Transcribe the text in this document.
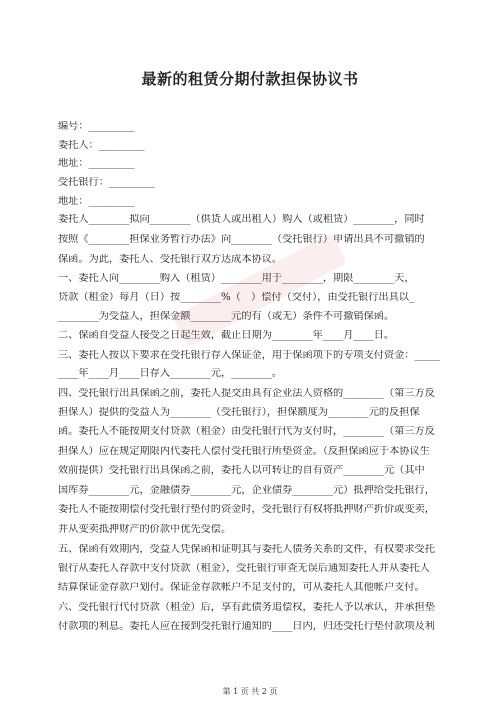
最新的租赁分期付款担保协议书
编号：_________
委托人：_________
地址：_________
受托银行：_________
地址：_________
委托人________拟向________（供货人或出租人）购入（或租赁）________，同时
按照《________担保业务暂行办法》向________（受托银行）申请出具不可撤销的
保函。为此，委托人、受托银行双方达成本协议。
一、委托人向________购入（租赁）________用于________，期限________天，
贷款（租金）每月（日）按________%（　）偿付（交付），由受托银行出具以_
________为受益人，担保金额________元的有（或无）条件不可撤销保函。
二、保函自受益人接受之日起生效，截止日期为________年____月____日。
三、委托人按以下要求在受托银行存入保证金，用于保函项下的专项支付资金：_____
____年____月____日存入________元，________。
四、受托银行出具保函之前，委托人提交由具有企业法人资格的________（第三方反
担保人）提供的受益人为________（受托银行），担保额度为________元的反担保
函。委托人不能按期支付贷款（租金）由受托银行代为支付时，________（第三方反
担保人）应在规定期限内代委托人偿付受托银行所垫资金。（反担保函应于本协议生
效前提供）受托银行出具保函之前，委托人以可转让的自有资产________元（其中
国库券________元，金融债券________元，企业债券________元）抵押给受托银行，
委托人不能按期偿付受托银行垫付的资金时，受托银行有权将抵押财产折价或变卖，
并从变卖抵押财产的价款中优先受偿。
五、保函有效期内，受益人凭保函和证明其与委托人债务关系的文件，有权要求受托
银行从委托人存款中支付贷款（租金），受托银行审查无误后通知委托人并从委托人
结算保证金存款户划付。保证金存款帐户不足支付的，可从委托人其他帐户支付。
六、受托银行代付贷款（租金）后，享有此债务追偿权，委托人予以承认，并承担垫
付款项的利息。委托人应在接到受托银行通知的____日内，归还受托行垫付款项及利
第 1 页 共 2 页
